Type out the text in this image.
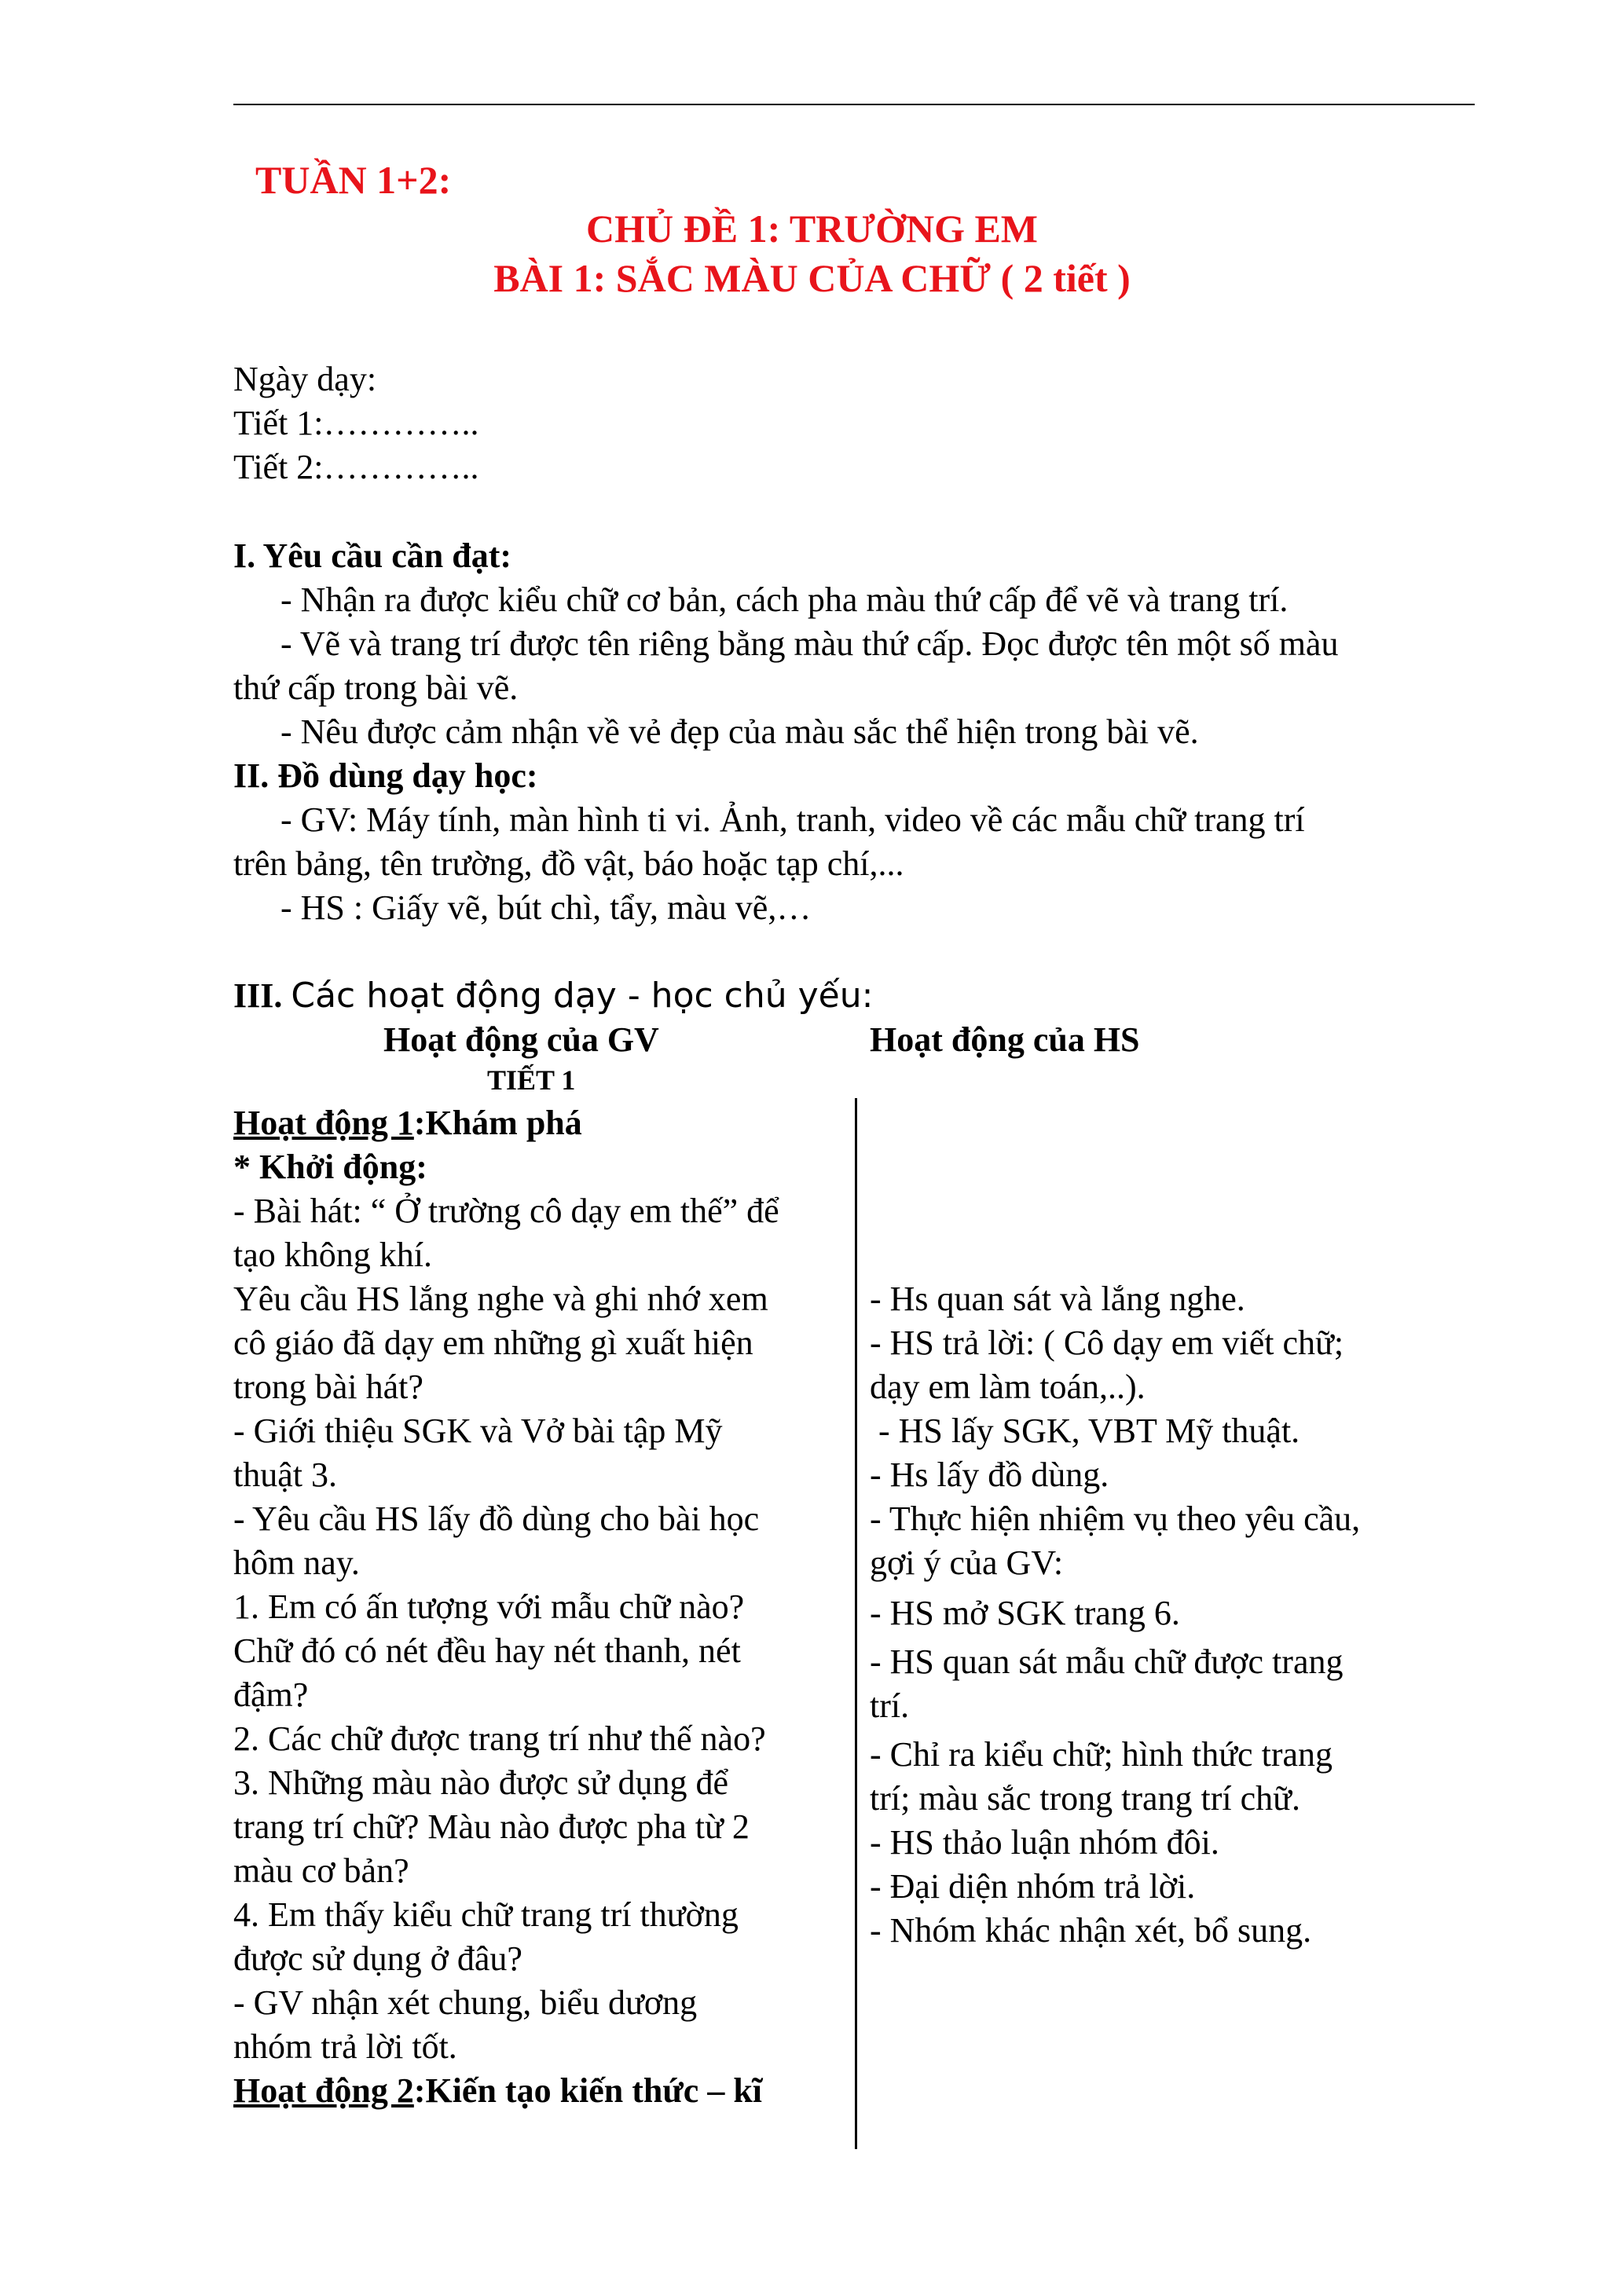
TUẦN 1+2:
CHỦ ĐỀ 1: TRƯỜNG EM
BÀI 1: SẮC MÀU CỦA CHỮ ( 2 tiết )

Ngày dạy:

Tiết 1:…………..

Tiết 2:…………..

I. Yêu cầu cần đạt:

- Nhận ra được kiểu chữ cơ bản, cách pha màu thứ cấp để vẽ và trang trí.

- Vẽ và trang trí được tên riêng bằng màu thứ cấp. Đọc được tên một số màu

thứ cấp trong bài vẽ.

- Nêu được cảm nhận về vẻ đẹp của màu sắc thể hiện trong bài vẽ.

II. Đồ dùng dạy học:

- GV: Máy tính, màn hình ti vi. Ảnh, tranh, video về các mẫu chữ trang trí

trên bảng, tên trường, đồ vật, báo hoặc tạp chí,...

- HS : Giấy vẽ, bút chì, tẩy, màu vẽ,…

III. Các hoạt động dạy - học chủ yếu:
Hoạt động của GV	Hoạt động của HS
TIẾT 1

Hoạt động 1:Khám phá

* Khởi động:

- Bài hát: “ Ở trường cô dạy em thế” để

tạo không khí.

Yêu cầu HS lắng nghe và ghi nhớ xem

cô giáo đã dạy em những gì xuất hiện

trong bài hát?

- Giới thiệu SGK và Vở bài tập Mỹ

thuật 3.

- Yêu cầu HS lấy đồ dùng cho bài học

hôm nay.

1. Em có ấn tượng với mẫu chữ nào?

Chữ đó có nét đều hay nét thanh, nét

đậm?

2. Các chữ được trang trí như thế nào?

3. Những màu nào được sử dụng để

trang trí chữ? Màu nào được pha từ 2

màu cơ bản?

4. Em thấy kiểu chữ trang trí thường

được sử dụng ở đâu?

- GV nhận xét chung, biểu dương

nhóm trả lời tốt.

Hoạt động 2:Kiến tạo kiến thức – kĩ

- Hs quan sát và lắng nghe.

- HS trả lời: ( Cô dạy em viết chữ;

dạy em làm toán,..).

- HS lấy SGK, VBT Mỹ thuật.

- Hs lấy đồ dùng.

- Thực hiện nhiệm vụ theo yêu cầu,

gợi ý của GV:

- HS mở SGK trang 6.

- HS quan sát mẫu chữ được trang

trí.

- Chỉ ra kiểu chữ; hình thức trang

trí; màu sắc trong trang trí chữ.

- HS thảo luận nhóm đôi.

- Đại diện nhóm trả lời.

- Nhóm khác nhận xét, bổ sung.
